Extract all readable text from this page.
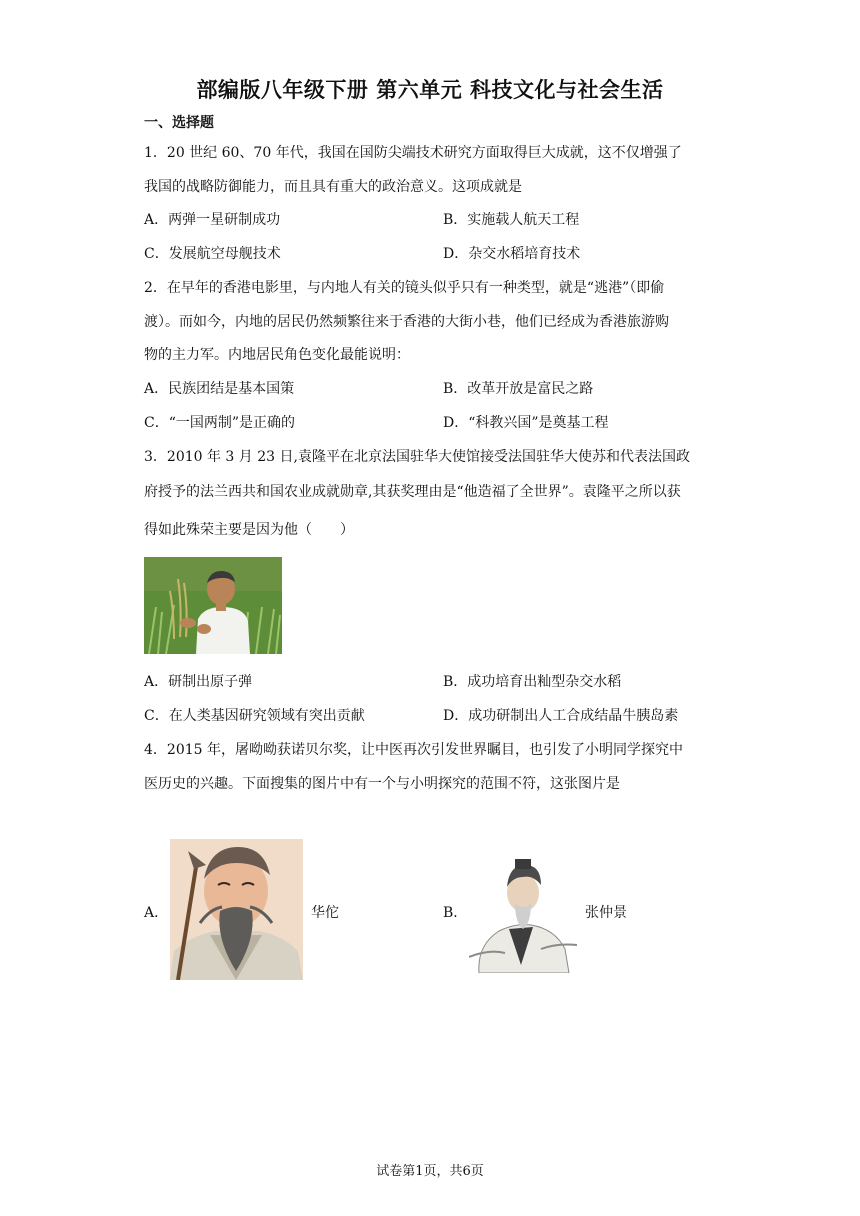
部编版八年级下册 第六单元 科技文化与社会生活
一、选择题
1．20 世纪 60、70 年代，我国在国防尖端技术研究方面取得巨大成就，这不仅增强了
我国的战略防御能力，而且具有重大的政治意义。这项成就是
A．两弹一星研制成功	B．实施载人航天工程
C．发展航空母舰技术	D．杂交水稻培育技术
2．在早年的香港电影里，与内地人有关的镜头似乎只有一种类型，就是“逃港”（即偷
渡）。而如今，内地的居民仍然频繁往来于香港的大街小巷，他们已经成为香港旅游购
物的主力军。内地居民角色变化最能说明：
A．民族团结是基本国策	B．改革开放是富民之路
C．“一国两制”是正确的	D．“科教兴国”是奠基工程
3．2010 年 3 月 23 日,袁隆平在北京法国驻华大使馆接受法国驻华大使苏和代表法国政
府授予的法兰西共和国农业成就勋章,其获奖理由是“他造福了全世界”。袁隆平之所以获
得如此殊荣主要是因为他（　　）
A．研制出原子弹	B．成功培育出籼型杂交水稻
C．在人类基因研究领域有突出贡献	D．成功研制出人工合成结晶牛胰岛素
4．2015 年，屠呦呦获诺贝尔奖，让中医再次引发世界瞩目，也引发了小明同学探究中
医历史的兴趣。下面搜集的图片中有一个与小明探究的范围不符，这张图片是
A．	华佗	B．	张仲景
试卷第1页，共6页
